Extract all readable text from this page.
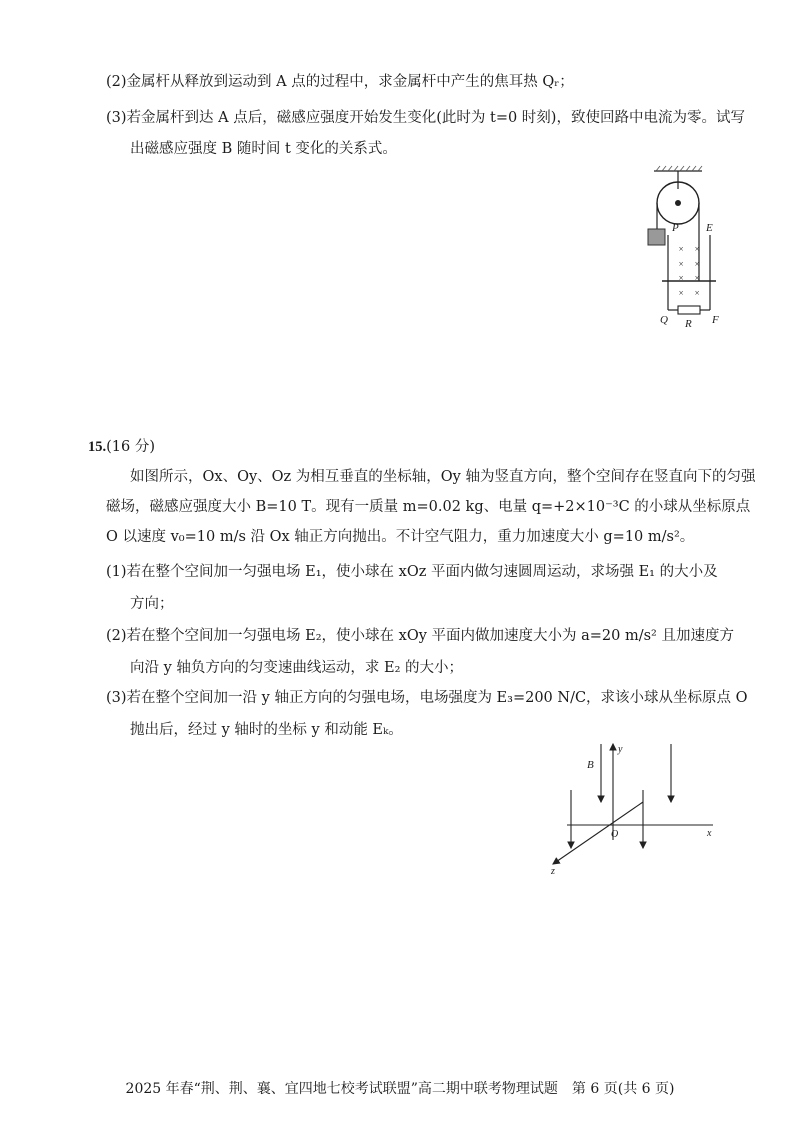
(2)金属杆从释放到运动到 A 点的过程中，求金属杆中产生的焦耳热 Qᵣ；
(3)若金属杆到达 A 点后，磁感应强度开始发生变化(此时为 t=0 时刻)，致使回路中电流为零。试写
出磁感应强度 B 随时间 t 变化的关系式。
× ×
× ×
× ×
× ×
P E
Q R F
15.(16 分)
如图所示，Ox、Oy、Oz 为相互垂直的坐标轴，Oy 轴为竖直方向，整个空间存在竖直向下的匀强
磁场，磁感应强度大小 B=10 T。现有一质量 m=0.02 kg、电量 q=+2×10⁻³C 的小球从坐标原点
O 以速度 v₀=10 m/s 沿 Ox 轴正方向抛出。不计空气阻力，重力加速度大小 g=10 m/s²。
(1)若在整个空间加一匀强电场 E₁，使小球在 xOz 平面内做匀速圆周运动，求场强 E₁ 的大小及
方向；
(2)若在整个空间加一匀强电场 E₂，使小球在 xOy 平面内做加速度大小为 a=20 m/s² 且加速度方
向沿 y 轴负方向的匀变速曲线运动，求 E₂ 的大小；
(3)若在整个空间加一沿 y 轴正方向的匀强电场，电场强度为 E₃=200 N/C，求该小球从坐标原点 O
抛出后，经过 y 轴时的坐标 y 和动能 Eₖ。
y
B
O	x
z
2025 年春“荆、荆、襄、宜四地七校考试联盟”高二期中联考物理试题　第 6 页(共 6 页)
